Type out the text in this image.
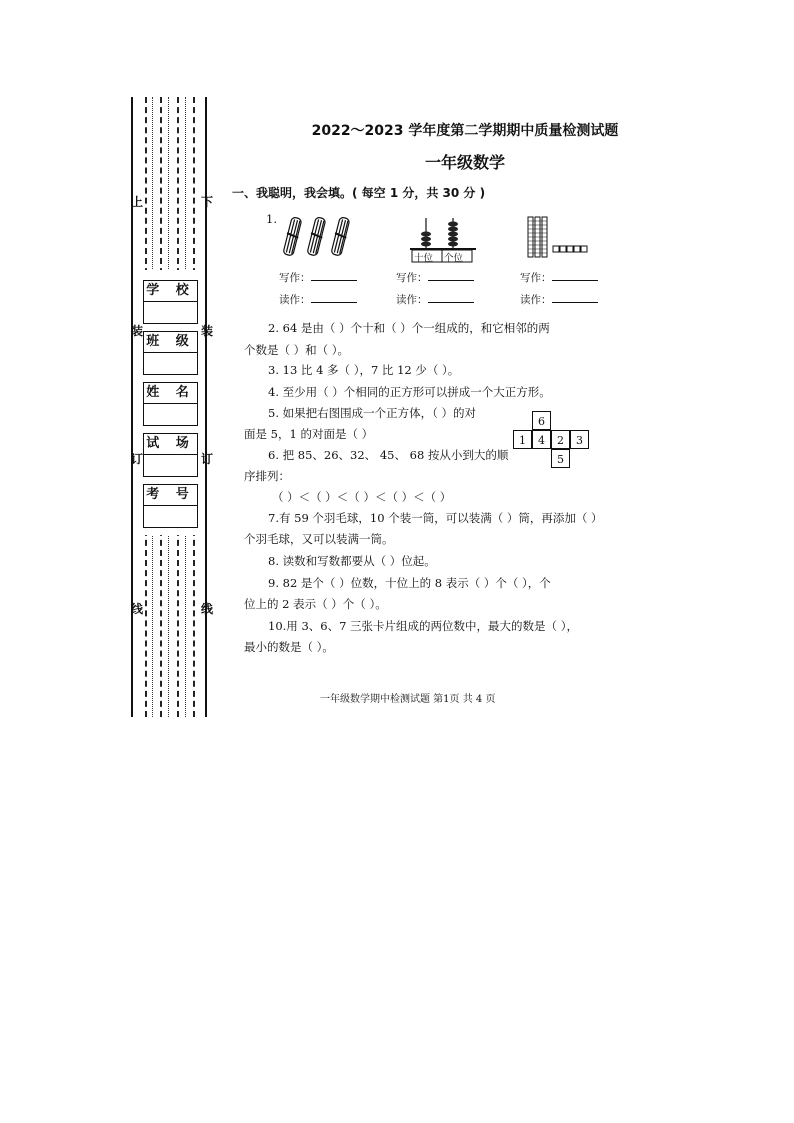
上
装
订
线
下
装
订
线
学 校
班 级
姓 名
试 场
考 号
2022～2023 学年度第二学期期中质量检测试题
一年级数学
一、我聪明，我会填。( 每空 1 分，共 30 分 )
1.
十位 个位
写作：
读作：
写作：
读作：
写作：
读作：
2. 64 是由（ ）个十和（ ）个一组成的，和它相邻的两
个数是（ ）和（ ）。
3. 13 比 4 多（ ），7 比 12 少（ ）。
4. 至少用（ ）个相同的正方形可以拼成一个大正方形。
5. 如果把右图围成一个正方体，（ ）的对
面是 5，1 的对面是（ ）
6. 把 85、26、32、 45、 68 按从小到大的顺
序排列：
（ ）＜（ ）＜（ ）＜（ ）＜（ ）
7.有 59 个羽毛球，10 个装一筒，可以装满（ ）筒，再添加（ ）
个羽毛球，又可以装满一筒。
8. 读数和写数都要从（ ）位起。
9. 82 是个（ ）位数，十位上的 8 表示（ ）个（ ），个
位上的 2 表示（ ）个（ ）。
10.用 3、6、7 三张卡片组成的两位数中，最大的数是（ ），
最小的数是（ ）。
6
1	4	2	3
5
一年级数学期中检测试题 第1页 共 4 页
